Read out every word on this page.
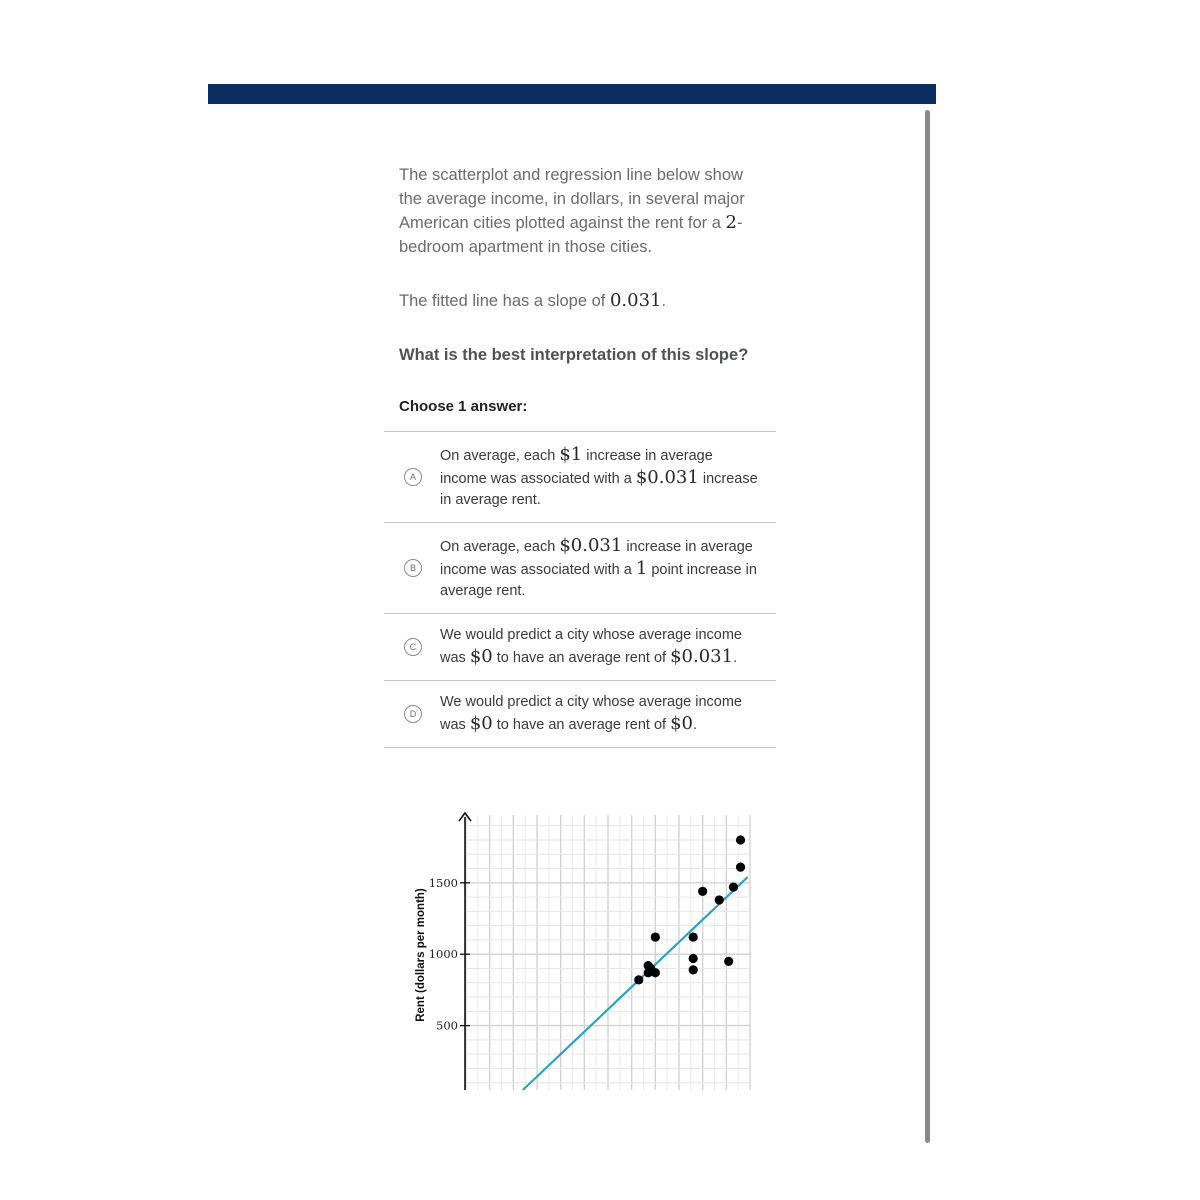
The scatterplot and regression line below show the average income, in dollars, in several major American cities plotted against the rent for a 2-bedroom apartment in those cities.

The fitted line has a slope of 0.031.

What is the best interpretation of this slope?
Choose 1 answer:
A
On average, each $1 increase in average income was associated with a $0.031 increase in average rent.
B
On average, each $0.031 increase in average income was associated with a 1 point increase in average rent.
C
We would predict a city whose average income was $0 to have an average rent of $0.031.
D
We would predict a city whose average income was $0 to have an average rent of $0.
Rent (dollars per month)
500
1000
1500
